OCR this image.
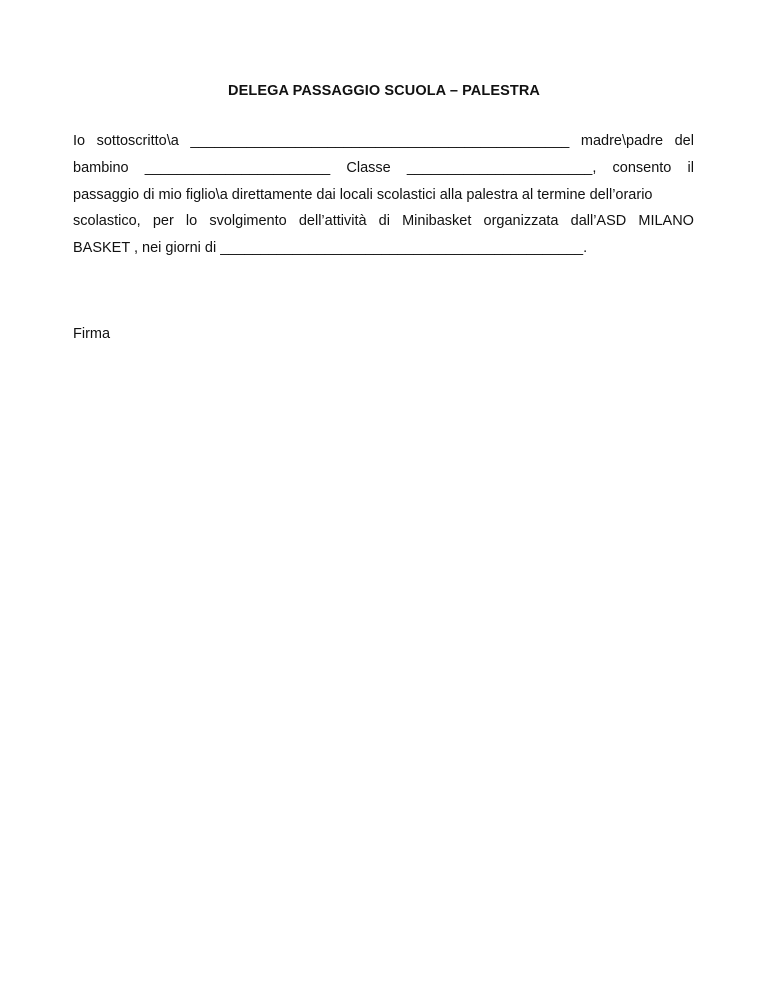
DELEGA PASSAGGIO SCUOLA – PALESTRA
Io sottoscritto\a _______________________________________________ madre\padre del
bambino _______________________ Classe _______________________, consento il
passaggio di mio figlio\a direttamente dai locali scolastici alla palestra al termine dell’orario
scolastico, per lo svolgimento dell’attività di Minibasket organizzata dall’ASD MILANO
BASKET , nei giorni di _____________________________________________.
Firma
